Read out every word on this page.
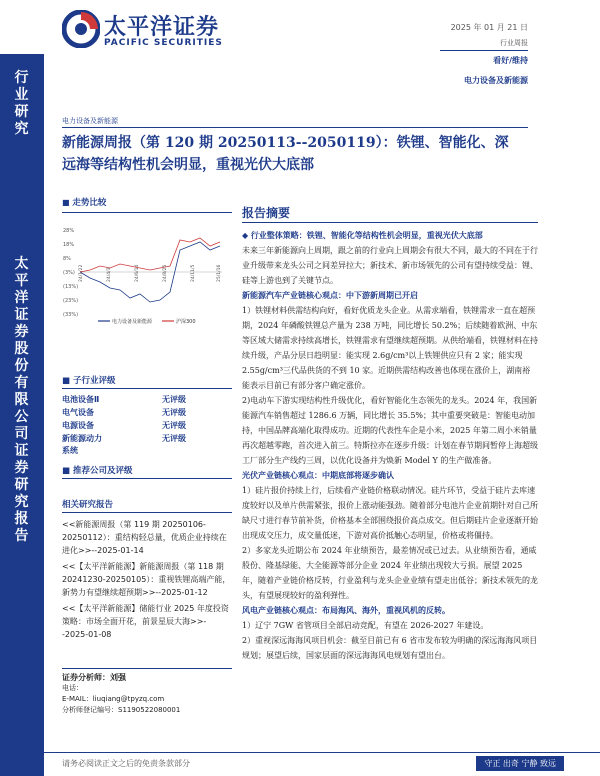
太平洋证券
PACIFIC SECURITIES
2025 年 01 月 21 日
行业周报
看好/维持
电力设备及新能源
行业研究
太平洋证券股份有限公司证券研究报告
电力设备及新能源
新能源周报（第 120 期 20250113--2050119）：铁锂、智能化、深
远海等结构性机会明显，重视光伏大底部
■ 走势比较
28%
18%
8%
(3%)
(13%)
(23%)
(33%)
24/1/22	24/4/3	24/6/14	24/8/25	24/11/5	25/1/16
电力设备及新能源	沪深300
■ 子行业评级
电池设备Ⅱ	无评级
电气设备	无评级
电源设备	无评级
新能源动力	无评级
系统
■ 推荐公司及评级
相关研究报告
<<新能源周报（第 119 期 20250106-20250112）：重结构轻总量，优质企业持续在进化>>--2025-01-14
<<【太平洋新能源】新能源周报（第 118 期 20241230-20250105）：重视铁锂高端产能，新势力有望继续超预期>>--2025-01-12
<<【太平洋新能源】储能行业 2025 年度投资策略：市场全面开花，前景星辰大海>>--2025-01-08
证券分析师：刘强
电话：
E-MAIL：liuqiang@tpyzq.com
分析师登记编号：S1190522080001
报告摘要
◆ 行业整体策略：铁锂、智能化等结构性机会明显，重视光伏大底部
未来三年新能源向上周期，跟之前的行业向上周期会有很大不同，最大的不同在于行业升级带来龙头公司之间差异拉大；新技术、新市场领先的公司有望持续受益：锂、硅等上游也到了关键节点。
新能源汽车产业链核心观点：中下游新周期已开启
1）铁锂材料供需结构向好，看好优质龙头企业。从需求端看，铁锂需求一直在超预期，2024 年磷酸铁锂总产量为 238 万吨，同比增长 50.2%；后续随着欧洲、中东等区域大储需求持续高增长，铁锂需求有望继续超预期。从供给端看，铁锂材料在持续升级，产品分层日趋明显：能实现 2.6g/cm³以上铁锂供应只有 2 家；能实现 2.55g/cm³三代品供货的不到 10 家。近期供需结构改善也体现在涨价上，湖南裕能表示目前已有部分客户确定涨价。
2)电动车下游实现结构性升级优化，看好智能化生态领先的龙头。2024 年，我国新能源汽车销售超过 1286.6 万辆，同比增长 35.5%；其中重要突破是：智能电动加持，中国品牌高端化取得成功。近期的代表性车企是小米，2025 年第二周小米销量再次超越零跑，首次进入前三。特斯拉亦在逐步升级：计划在春节期间暂停上海超级工厂部分生产线约三周，以优化设备并为焕新 Model Y 的生产做准备。
光伏产业链核心观点：中期底部将逐步确认
1）硅片报价持续上行，后续看产业链价格联动情况。硅片环节，受益于硅片去库速度较好以及单片供需紧张，报价上涨动能强劲。随着部分电池片企业前期针对自己所缺尺寸进行春节前补货，价格基本全部围绕报价高点成交。但后期硅片企业逐渐开始出现成交压力，成交量低迷，下游对高价抵触心态明显，价格或将僵持。
2）多家龙头近期公布 2024 年业绩预告，最差情况或已过去。从业绩预告看，通威股份、隆基绿能、大全能源等部分企业 2024 年业绩出现较大亏损。展望 2025 年，随着产业链价格反转，行业盈利与龙头企业业绩有望走出低谷；新技术领先的龙头，有望展现较好的盈利弹性。
风电产业链核心观点：布局海风、海外，重视风机的反转。
1）辽宁 7GW 省管项目全部启动竞配，有望在 2026-2027 年建设。
2）重视深远海海风项目机会：截至目前已有 6 省市发布较为明确的深远海海风项目规划；展望后续，国家层面的深远海海风电规划有望出台。
请务必阅读正文之后的免责条款部分	守正 出奇 宁静 致远
